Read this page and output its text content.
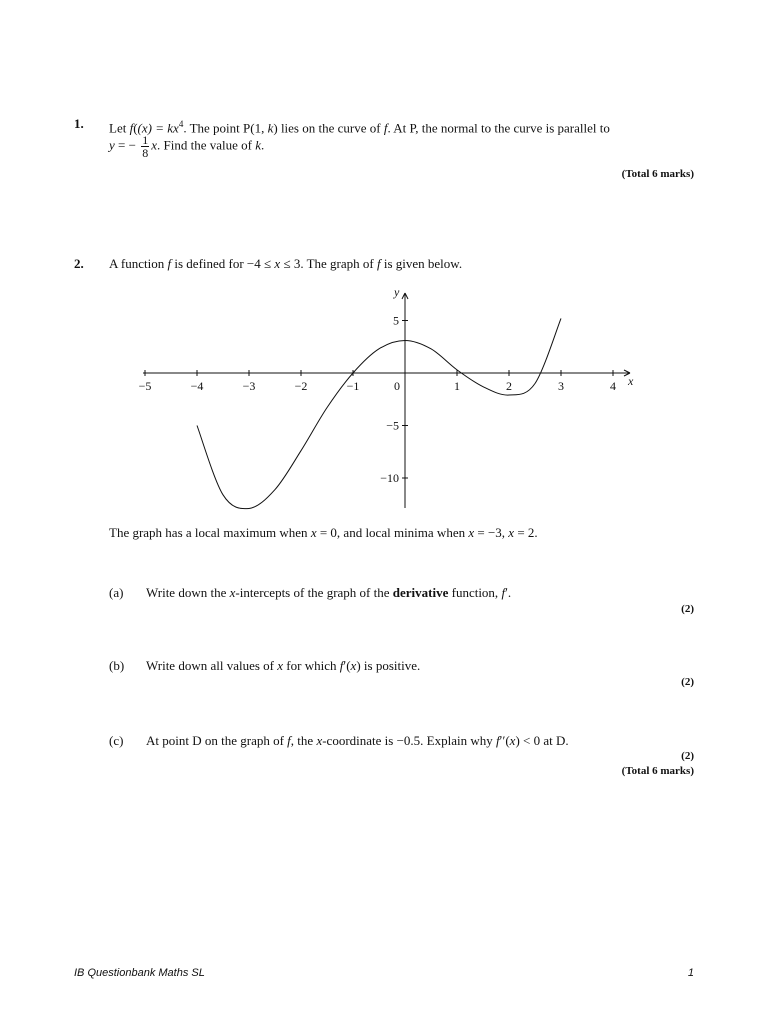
1. Let $f((x) = kx^4$. The point P(1, k) lies on the curve of f. At P, the normal to the curve is parallel to
y = − $\frac{1}{8} x$. Find the value of k.
(Total 6 marks)
2. A function f is defined for −4 ≤ x ≤ 3. The graph of f is given below.
x
y
−5	−4	−3	−2	−1	0	1	2	3	4
5
−5
−10
The graph has a local maximum when x = 0, and local minima when x = −3, x = 2.
(a) Write down the x-intercepts of the graph of the derivative function, f′.
(2)
(b) Write down all values of x for which f′(x) is positive.
(2)
(c) At point D on the graph of f, the x-coordinate is −0.5. Explain why f′′(x) < 0 at D.
(2)
(Total 6 marks)
IB Questionbank Maths SL	1
